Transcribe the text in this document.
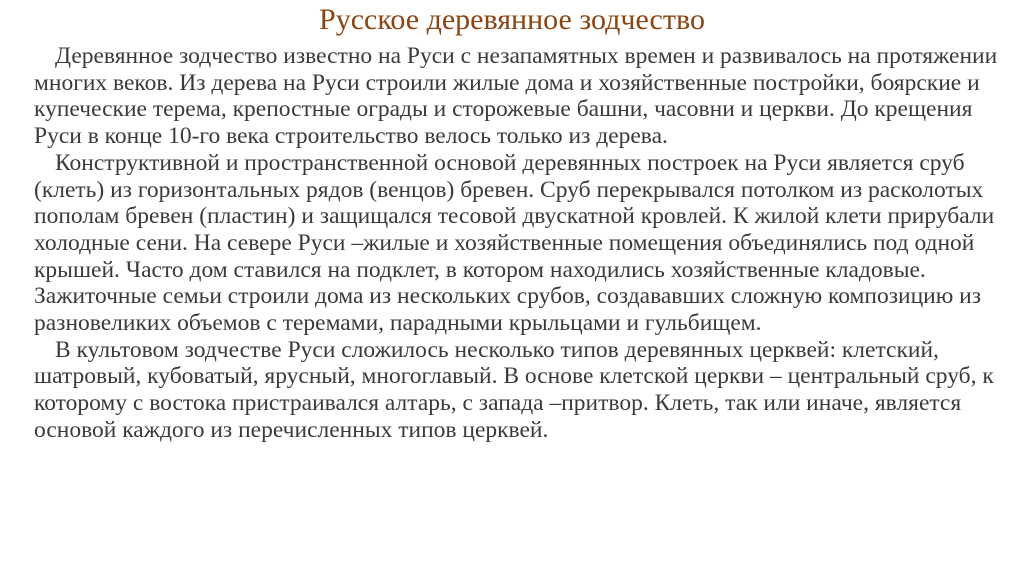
Русское деревянное зодчество

Деревянное зодчество известно на Руси с незапамятных времен и развивалось на протяжении многих веков. Из дерева на Руси строили жилые дома и хозяйственные постройки, боярские и купеческие терема, крепостные ограды и сторожевые башни, часовни и церкви. До крещения Руси в конце 10-го века строительство велось только из дерева.

Конструктивной и пространственной основой деревянных построек на Руси является сруб (клеть) из горизонтальных рядов (венцов) бревен. Сруб перекрывался потолком из расколотых пополам бревен (пластин) и защищался тесовой двускатной кровлей. К жилой клети прирубали холодные сени. На севере Руси –жилые и хозяйственные помещения объединялись под одной крышей. Часто дом ставился на подклет, в котором находились хозяйственные кладовые. Зажиточные семьи строили дома из нескольких срубов, создававших сложную композицию из разновеликих объемов с теремами, парадными крыльцами и гульбищем.

В культовом зодчестве Руси сложилось несколько типов деревянных церквей: клетский, шатровый, кубоватый, ярусный, многоглавый. В основе клетской церкви – центральный сруб, к которому с востока пристраивался алтарь, с запада –притвор. Клеть, так или иначе, является основой каждого из перечисленных типов церквей.
